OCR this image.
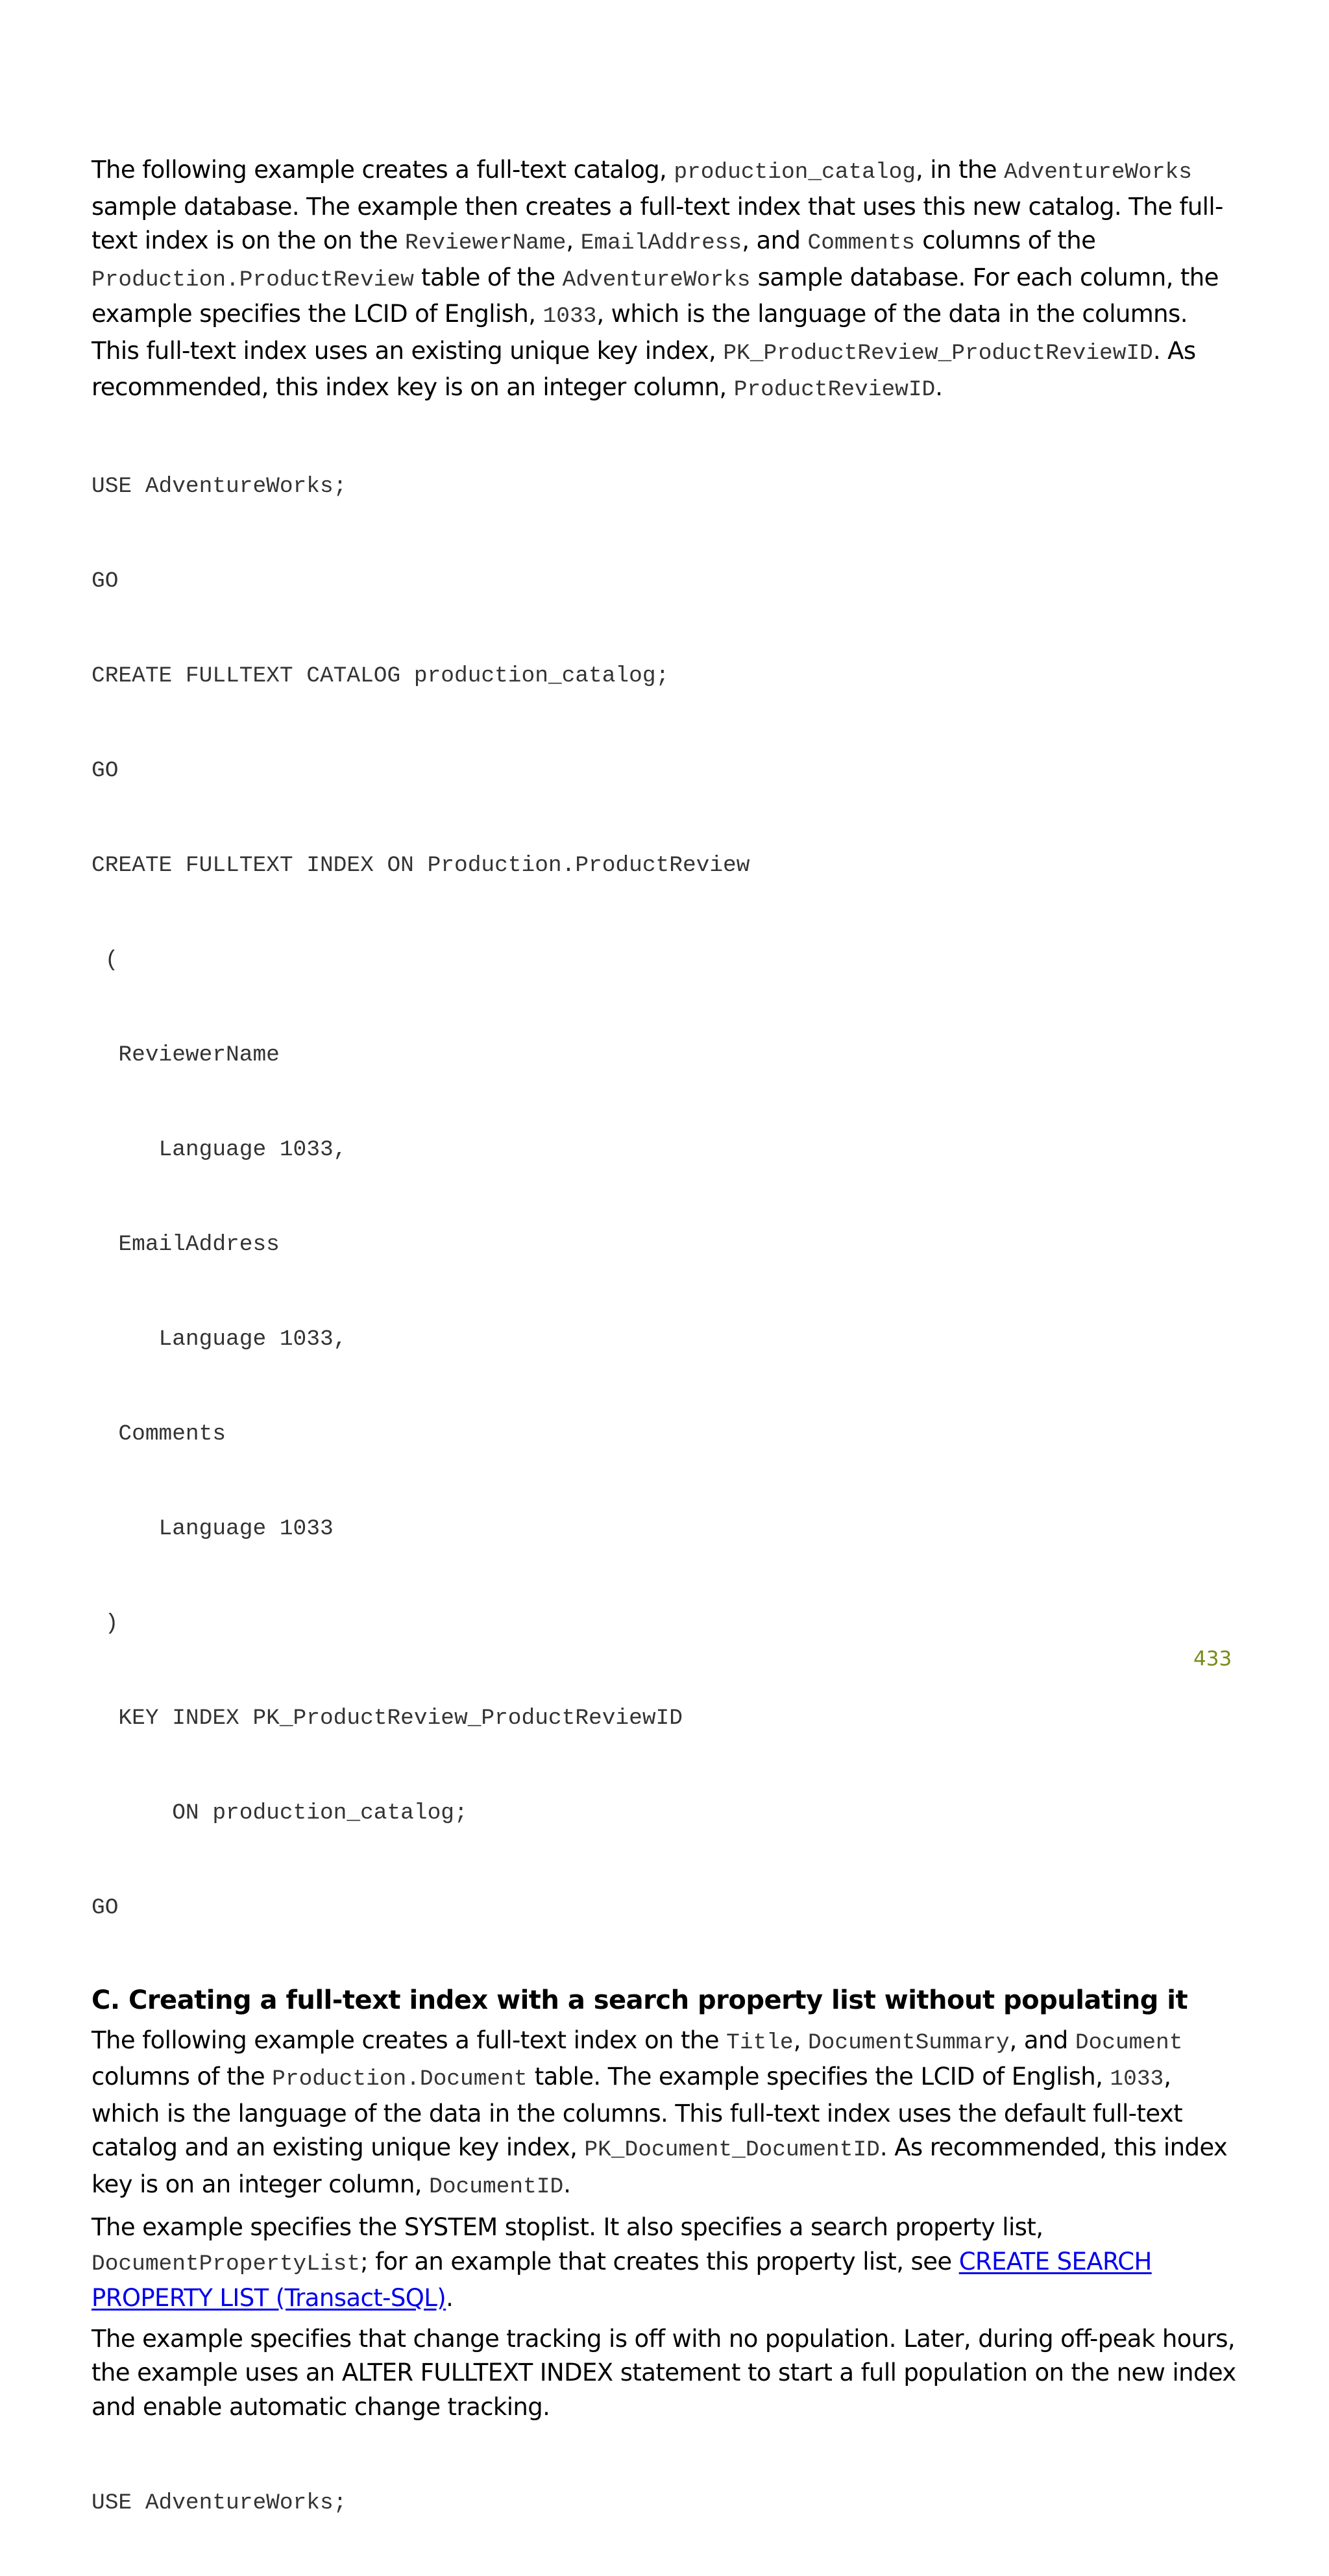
The following example creates a full-text catalog, production_catalog, in the AdventureWorks sample database. The example then creates a full-text index that uses this new catalog. The full-text index is on the on the ReviewerName, EmailAddress, and Comments columns of the Production.ProductReview table of the AdventureWorks sample database. For each column, the example specifies the LCID of English, 1033, which is the language of the data in the columns. This full-text index uses an existing unique key index, PK_ProductReview_ProductReviewID. As recommended, this index key is on an integer column, ProductReviewID.

USE AdventureWorks;

GO

CREATE FULLTEXT CATALOG production_catalog;

GO

CREATE FULLTEXT INDEX ON Production.ProductReview

(

ReviewerName

Language 1033,

EmailAddress

Language 1033,

Comments

Language 1033

)

KEY INDEX PK_ProductReview_ProductReviewID

ON production_catalog;

GO

C. Creating a full-text index with a search property list without populating it

The following example creates a full-text index on the Title, DocumentSummary, and Document columns of the Production.Document table. The example specifies the LCID of English, 1033, which is the language of the data in the columns. This full-text index uses the default full-text catalog and an existing unique key index, PK_Document_DocumentID. As recommended, this index key is on an integer column, DocumentID.

The example specifies the SYSTEM stoplist. It also specifies a search property list, DocumentPropertyList; for an example that creates this property list, see CREATE SEARCH PROPERTY LIST (Transact-SQL).

The example specifies that change tracking is off with no population. Later, during off-peak hours, the example uses an ALTER FULLTEXT INDEX statement to start a full population on the new index and enable automatic change tracking.

USE AdventureWorks;

433
